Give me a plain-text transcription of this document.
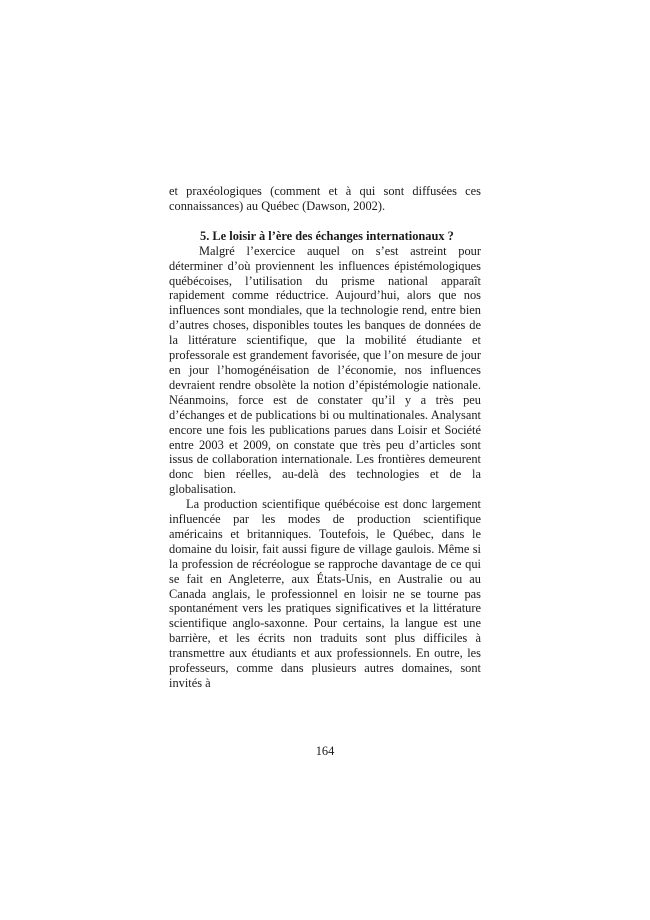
et praxéologiques (comment et à qui sont diffusées ces connaissances) au Québec (Dawson, 2002).

5. Le loisir à l’ère des échanges internationaux ?

Malgré l’exercice auquel on s’est astreint pour déterminer d’où proviennent les influences épistémologiques québécoises, l’utilisation du prisme national apparaît rapidement comme réductrice. Aujourd’hui, alors que nos influences sont mondiales, que la technologie rend, entre bien d’autres choses, disponibles toutes les banques de données de la littérature scientifique, que la mobilité étudiante et professorale est grandement favorisée, que l’on mesure de jour en jour l’homogénéisation de l’économie, nos influences devraient rendre obsolète la notion d’épistémologie nationale. Néanmoins, force est de constater qu’il y a très peu d’échanges et de publications bi ou multinationales. Analysant encore une fois les publications parues dans Loisir et Société entre 2003 et 2009, on constate que très peu d’articles sont issus de collaboration internationale. Les frontières demeurent donc bien réelles, au-delà des technologies et de la globalisation.

La production scientifique québécoise est donc largement influencée par les modes de production scientifique américains et britanniques. Toutefois, le Québec, dans le domaine du loisir, fait aussi figure de village gaulois. Même si la profession de récréologue se rapproche davantage de ce qui se fait en Angleterre, aux États-Unis, en Australie ou au Canada anglais, le professionnel en loisir ne se tourne pas spontanément vers les pratiques significatives et la littérature scientifique anglo-saxonne. Pour certains, la langue est une barrière, et les écrits non traduits sont plus difficiles à transmettre aux étudiants et aux professionnels. En outre, les professeurs, comme dans plusieurs autres domaines, sont invités à

164
